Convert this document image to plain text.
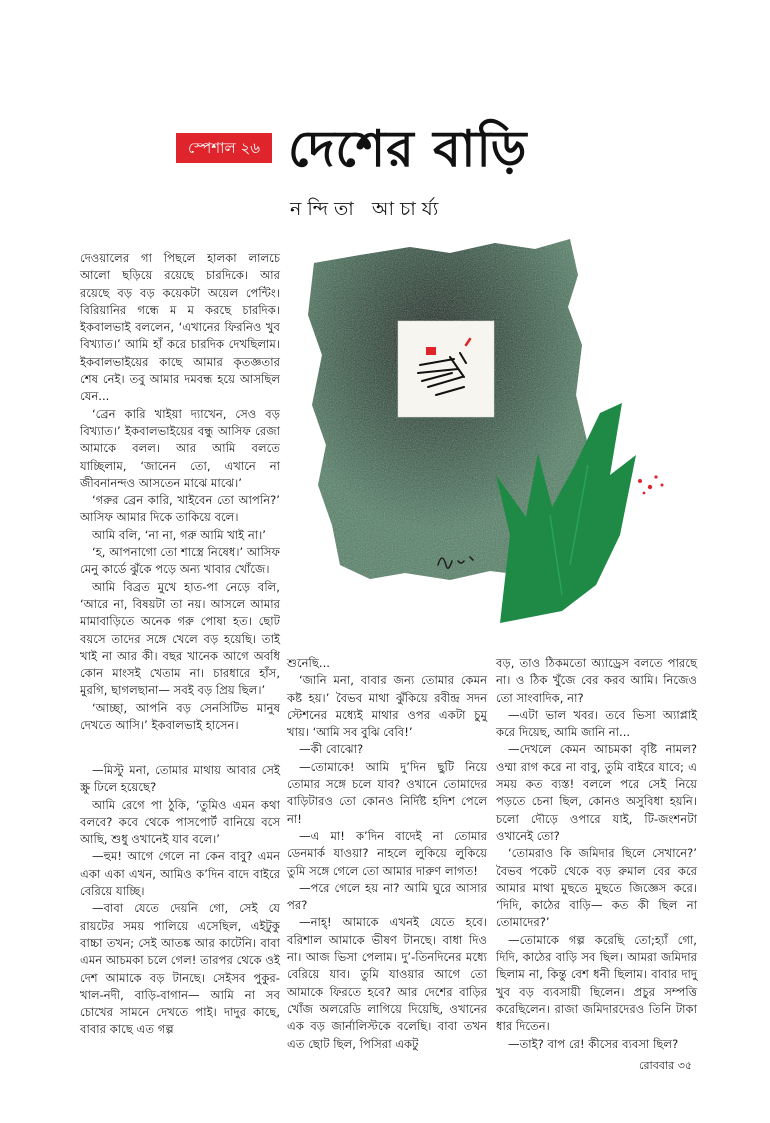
স্পেশাল ২৬ দেশের বাড়ি
নন্দিতা আচার্য্য

দেওয়ালের গা পিছলে হালকা লালচে আলো ছড়িয়ে রয়েছে চারদিকে। আর রয়েছে বড় বড় কয়েকটা অয়েল পেন্টিং। বিরিয়ানির গন্ধে ম ম করছে চারদিক। ইকবালভাই বললেন, ‘এখানের ফিরনিও খুব বিখ্যাত।’ আমি হাঁ করে চারদিক দেখছিলাম। ইকবালভাইয়ের কাছে আমার কৃতজ্ঞতার শেষ নেই। তবু আমার দমবন্ধ হয়ে আসছিল যেন...

‘ব্রেন কারি খাইয়া দ্যাখেন, সেও বড় বিখ্যাত।’ ইকবালভাইয়ের বন্ধু আসিফ রেজা আমাকে বলল। আর আমি বলতে যাচ্ছিলাম, ‘জানেন তো, এখানে না জীবনানন্দও আসতেন মাঝে মাঝে।’

‘গরুর ব্রেন কারি, খাইবেন তো আপনি?’ আসিফ আমার দিকে তাকিয়ে বলে।

আমি বলি, ‘না না, গরু আমি খাই না।’

‘হ, আপনাগো তো শাস্ত্রে নিষেধ।’ আসিফ মেনু কার্ডে ঝুঁকে পড়ে অন্য খাবার খোঁজে।

আমি বিব্রত মুখে হাত-পা নেড়ে বলি, ‘আরে না, বিষয়টা তা নয়। আসলে আমার মামাবাড়িতে অনেক গরু পোষা হত। ছোট বয়সে তাদের সঙ্গে খেলে বড় হয়েছি। তাই খাই না আর কী। বছর খানেক আগে অবধি কোন মাংসই খেতাম না। চারধারে হাঁস, মুরগি, ছাগলছানা— সবই বড় প্রিয় ছিল।’

‘আচ্ছা, আপনি বড় সেনসিটিভ মানুষ দেখতে আসি।’ ইকবালভাই হাসেন।

—মিস্টু মনা, তোমার মাথায় আবার সেই স্ক্রু ঢিলে হয়েছে?

আমি রেগে পা ঠুকি, ‘তুমিও এমন কথা বলবে? কবে থেকে পাসপোর্ট বানিয়ে বসে আছি, শুধু ওখানেই যাব বলে।’

—হুম! আগে গেলে না কেন বাবু? এমন একা একা এখন, আমিও ক’দিন বাদে বাইরে বেরিয়ে যাচ্ছি।

—বাবা যেতে দেয়নি গো, সেই যে রায়টের সময় পালিয়ে এসেছিল, এইটুকু বাচ্চা তখন; সেই আতঙ্ক আর কাটেনি। বাবা এমন আচমকা চলে গেল! তারপর থেকে ওই দেশ আমাকে বড় টানছে। সেইসব পুকুর-খাল-নদী, বাড়ি-বাগান— আমি না সব চোখের সামনে দেখতে পাই। দাদুর কাছে, বাবার কাছে এত গল্প

শুনেছি...

‘জানি মনা, বাবার জন্য তোমার কেমন কষ্ট হয়।’ বৈভব মাথা ঝুঁকিয়ে রবীন্দ্র সদন স্টেশনের মধ্যেই মাথার ওপর একটা চুমু খায়। ‘আমি সব বুঝি বেবি!’

—কী বোঝো?

—তোমাকে! আমি দু’দিন ছুটি নিয়ে তোমার সঙ্গে চলে যাব? ওখানে তোমাদের বাড়িটারও তো কোনও নির্দিষ্ট হদিশ পেলে না!

—এ মা! ক’দিন বাদেই না তোমার ডেনমার্ক যাওয়া? নাহলে লুকিয়ে লুকিয়ে তুমি সঙ্গে গেলে তো আমার দারুণ লাগত!

—পরে গেলে হয় না? আমি ঘুরে আসার পর?

—নাহ্! আমাকে এখনই যেতে হবে। বরিশাল আমাকে ভীষণ টানছে। বাধা দিও না। আজ ভিসা পেলাম। দু’-তিনদিনের মধ্যে বেরিয়ে যাব। তুমি যাওয়ার আগে তো আমাকে ফিরতে হবে? আর দেশের বাড়ির খোঁজ অলরেডি লাগিয়ে দিয়েছি, ওখানের এক বড় জার্নালিস্টকে বলেছি। বাবা তখন এত ছোট ছিল, পিসিরা একটু

বড়, তাও ঠিকমতো অ্যাড্রেস বলতে পারছে না। ও ঠিক খুঁজে বের করব আমি। নিজেও তো সাংবাদিক, না?

—এটা ভাল খবর। তবে ভিসা অ্যাপ্লাই করে দিয়েছ, আমি জানি না...

—দেখলে কেমন আচমকা বৃষ্টি নামল? ওম্মা রাগ করে না বাবু, তুমি বাইরে যাবে; এ সময় কত ব্যস্ত! বললে পরে সেই নিয়ে পড়তে চেনা ছিল, কোনও অসুবিধা হয়নি। চলো দৌড়ে ওপারে যাই, টি-জংশনটা ওখানেই তো?

‘তোমরাও কি জমিদার ছিলে সেখানে?’ বৈভব পকেট থেকে বড় রুমাল বের করে আমার মাথা মুছতে মুছতে জিজ্ঞেস করে। ‘দিদি, কাঠের বাড়ি— কত কী ছিল না তোমাদের?’

—তোমাকে গল্প করেছি তো;হ্যাঁ গো, দিদি, কাঠের বাড়ি সব ছিল। আমরা জমিদার ছিলাম না, কিন্তু বেশ ধনী ছিলাম। বাবার দাদু খুব বড় ব্যবসায়ী ছিলেন। প্রচুর সম্পত্তি করেছিলেন। রাজা জমিদারদেরও তিনি টাকা ধার দিতেন।

—তাই? বাপ রে! কীসের ব্যবসা ছিল?

রোববার ৩৫
